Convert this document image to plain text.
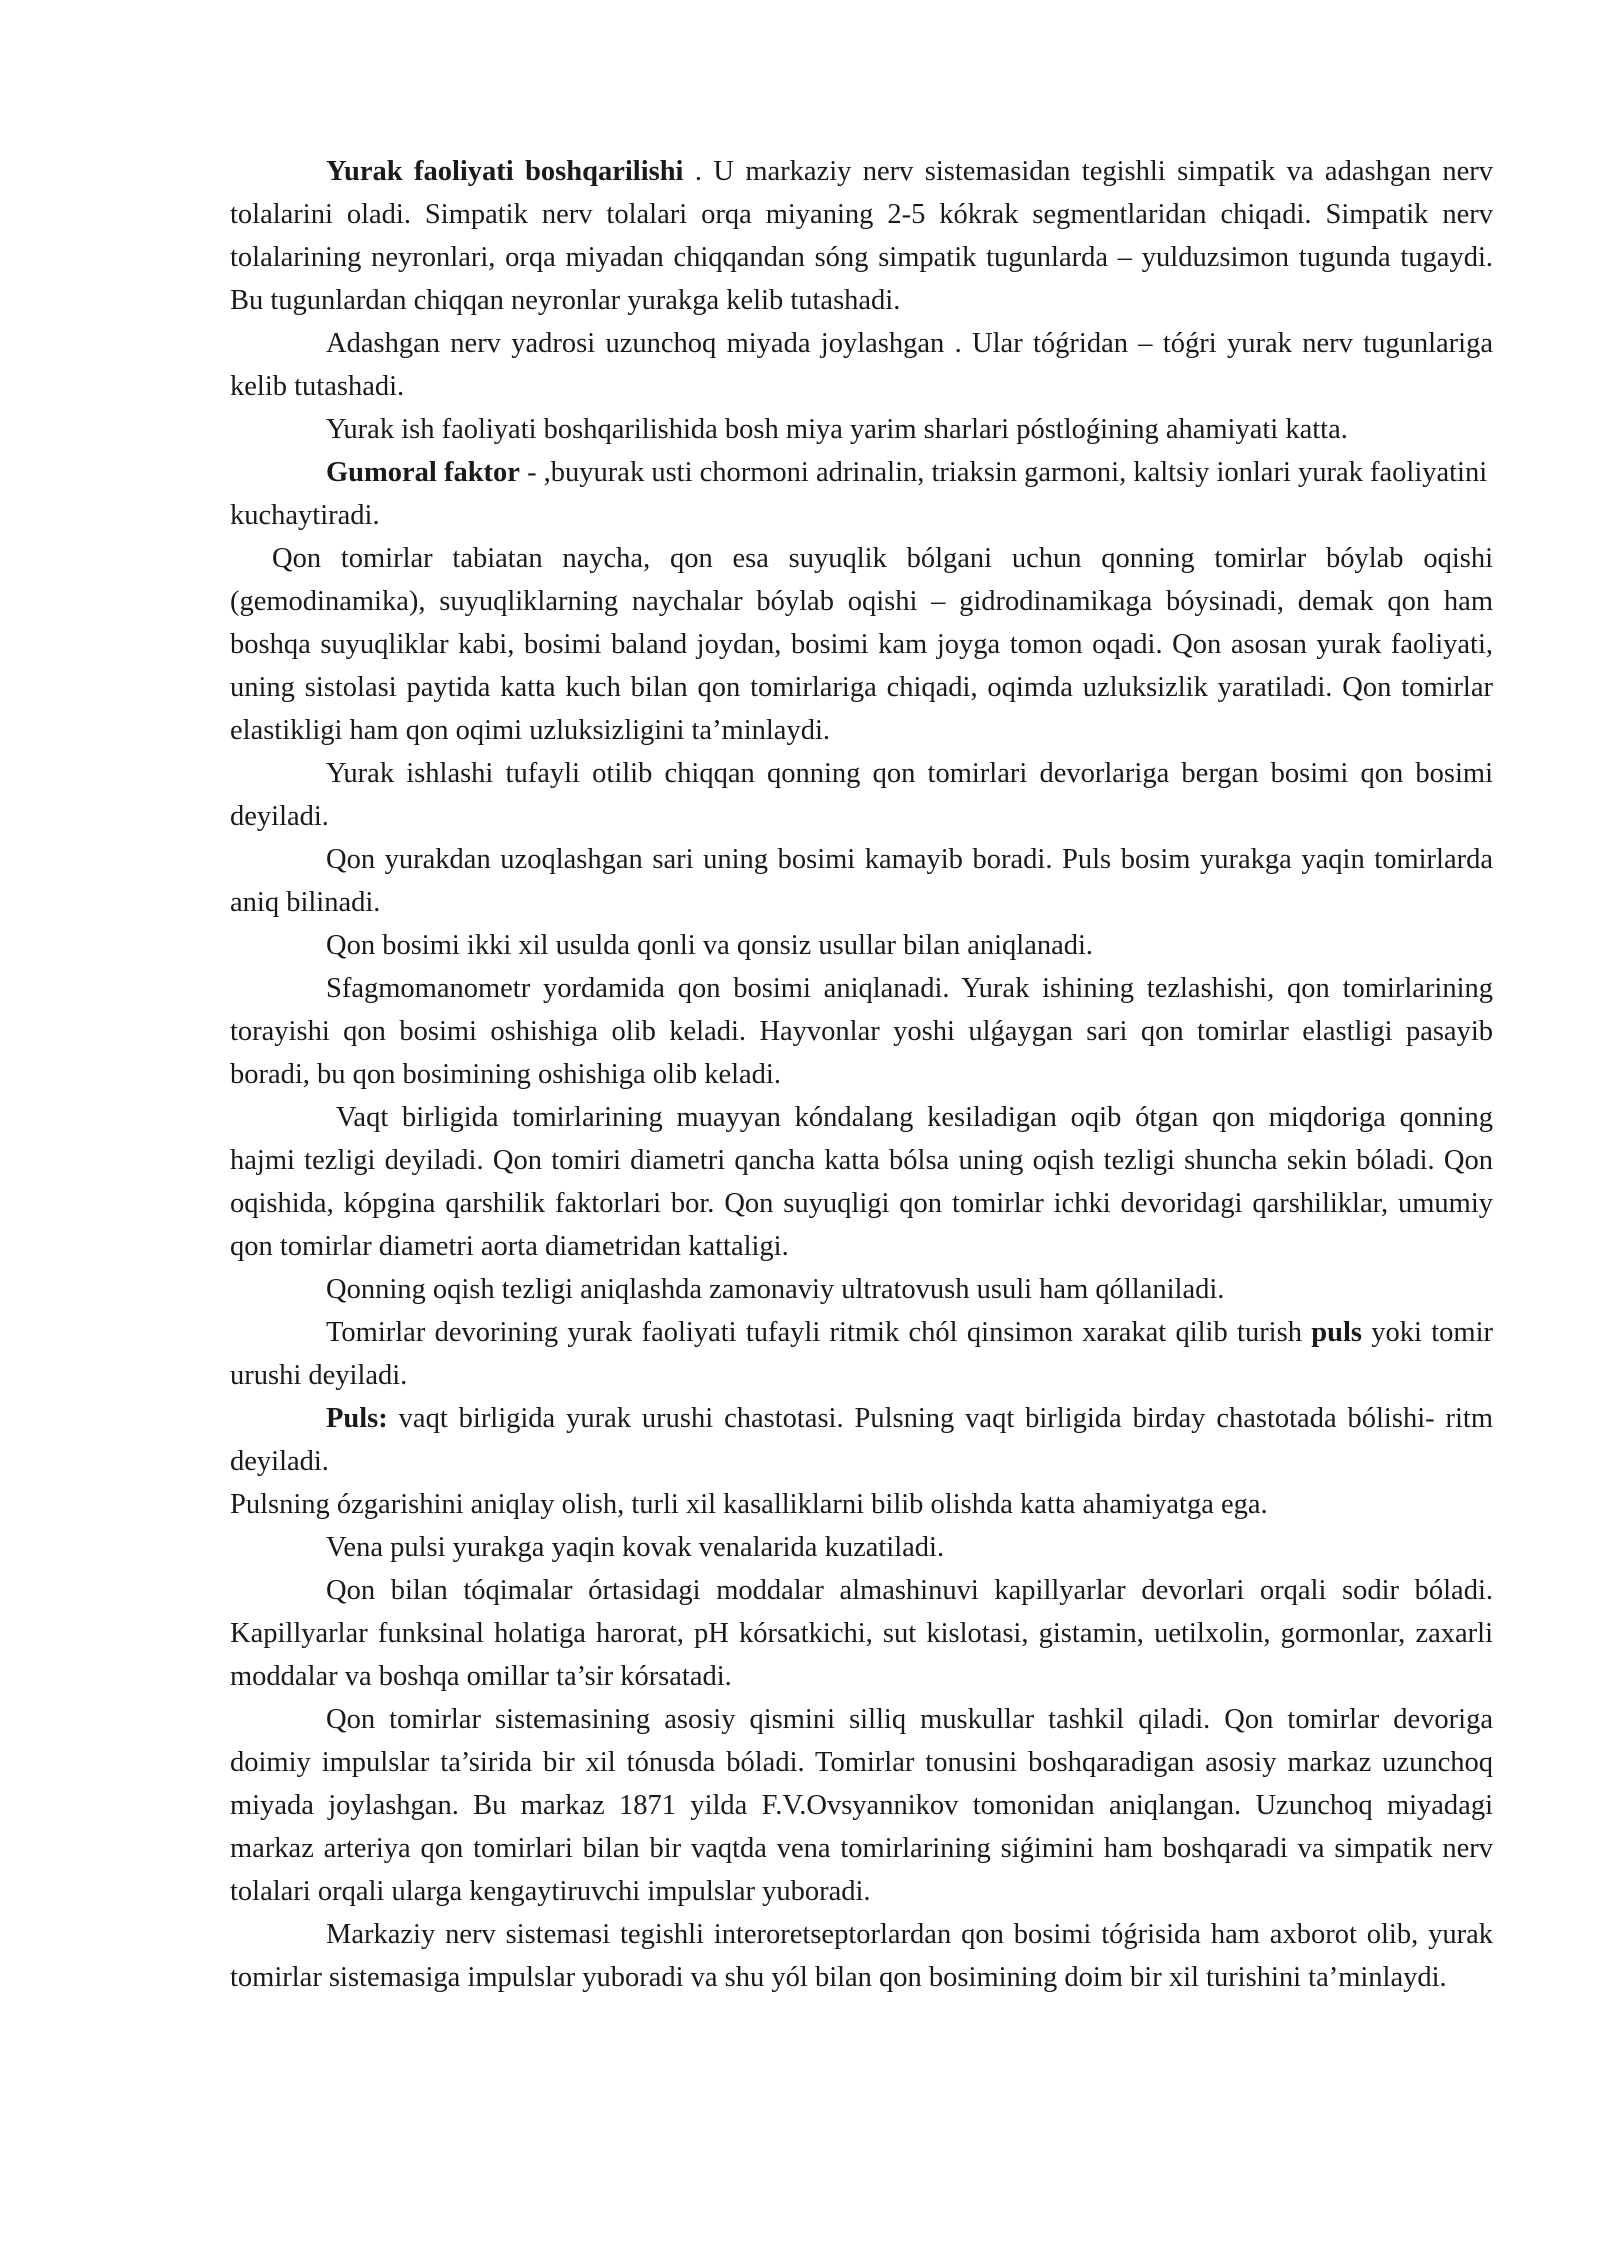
Yurak faoliyati boshqarilishi . U markaziy nerv sistemasidan tegishli simpatik va adashgan nerv tolalarini oladi. Simpatik nerv tolalari orqa miyaning 2-5 kókrak segmentlaridan chiqadi. Simpatik nerv tolalarining neyronlari, orqa miyadan chiqqandan sóng simpatik tugunlarda – yulduzsimon tugunda tugaydi. Bu tugunlardan chiqqan neyronlar yurakga kelib tutashadi.

Adashgan nerv yadrosi uzunchoq miyada joylashgan . Ular tóǵridan – tóǵri yurak nerv tugunlariga kelib tutashadi.

Yurak ish faoliyati boshqarilishida bosh miya yarim sharlari póstloǵining ahamiyati katta.

Gumoral faktor - ,buyurak usti chormoni adrinalin, triaksin garmoni, kaltsiy ionlari yurak faoliyatini kuchaytiradi.

Qon tomirlar tabiatan naycha, qon esa suyuqlik bólgani uchun qonning tomirlar bóylab oqishi (gemodinamika), suyuqliklarning naychalar bóylab oqishi – gidrodinamikaga bóysinadi, demak qon ham boshqa suyuqliklar kabi, bosimi baland joydan, bosimi kam joyga tomon oqadi. Qon asosan yurak faoliyati, uning sistolasi paytida katta kuch bilan qon tomirlariga chiqadi, oqimda uzluksizlik yaratiladi. Qon tomirlar elastikligi ham qon oqimi uzluksizligini ta’minlaydi.

Yurak ishlashi tufayli otilib chiqqan qonning qon tomirlari devorlariga bergan bosimi qon bosimi deyiladi.

Qon yurakdan uzoqlashgan sari uning bosimi kamayib boradi. Puls bosim yurakga yaqin tomirlarda aniq bilinadi.

Qon bosimi ikki xil usulda qonli va qonsiz usullar bilan aniqlanadi.

Sfagmomanometr yordamida qon bosimi aniqlanadi. Yurak ishining tezlashishi, qon tomirlarining torayishi qon bosimi oshishiga olib keladi. Hayvonlar yoshi ulǵaygan sari qon tomirlar elastligi pasayib boradi, bu qon bosimining oshishiga olib keladi.

Vaqt birligida tomirlarining muayyan kóndalang kesiladigan oqib ótgan qon miqdoriga qonning hajmi tezligi deyiladi. Qon tomiri diametri qancha katta bólsa uning oqish tezligi shuncha sekin bóladi. Qon oqishida, kópgina qarshilik faktorlari bor. Qon suyuqligi qon tomirlar ichki devoridagi qarshiliklar, umumiy qon tomirlar diametri aorta diametridan kattaligi.

Qonning oqish tezligi aniqlashda zamonaviy ultratovush usuli ham qóllaniladi.

Tomirlar devorining yurak faoliyati tufayli ritmik chól qinsimon xarakat qilib turish puls yoki tomir urushi deyiladi.

Puls: vaqt birligida yurak urushi chastotasi. Pulsning vaqt birligida birday chastotada bólishi- ritm deyiladi.

Pulsning ózgarishini aniqlay olish, turli xil kasalliklarni bilib olishda katta ahamiyatga ega.

Vena pulsi yurakga yaqin kovak venalarida kuzatiladi.

Qon bilan tóqimalar órtasidagi moddalar almashinuvi kapillyarlar devorlari orqali sodir bóladi. Kapillyarlar funksinal holatiga harorat, pH kórsatkichi, sut kislotasi, gistamin, uetilxolin, gormonlar, zaxarli moddalar va boshqa omillar ta’sir kórsatadi.

Qon tomirlar sistemasining asosiy qismini silliq muskullar tashkil qiladi. Qon tomirlar devoriga doimiy impulslar ta’sirida bir xil tónusda bóladi. Tomirlar tonusini boshqaradigan asosiy markaz uzunchoq miyada joylashgan. Bu markaz 1871 yilda F.V.Ovsyannikov tomonidan aniqlangan. Uzunchoq miyadagi markaz arteriya qon tomirlari bilan bir vaqtda vena tomirlarining siǵimini ham boshqaradi va simpatik nerv tolalari orqali ularga kengaytiruvchi impulslar yuboradi.

Markaziy nerv sistemasi tegishli interoretseptorlardan qon bosimi tóǵrisida ham axborot olib, yurak tomirlar sistemasiga impulslar yuboradi va shu yól bilan qon bosimining doim bir xil turishini ta’minlaydi.
